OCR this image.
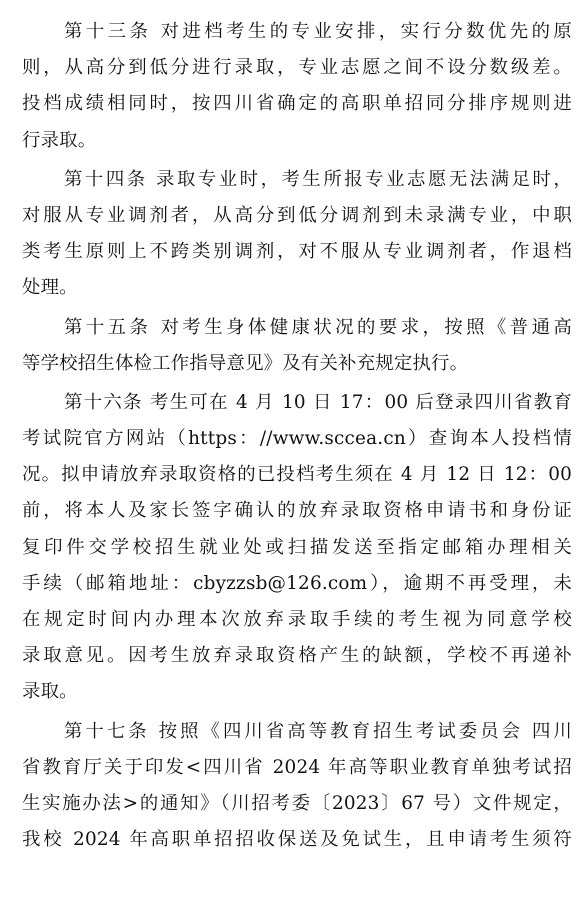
第十三条 对进档考生的专业安排，实行分数优先的原
则，从高分到低分进行录取，专业志愿之间不设分数级差。
投档成绩相同时，按四川省确定的高职单招同分排序规则进
行录取。
第十四条 录取专业时，考生所报专业志愿无法满足时，
对服从专业调剂者，从高分到低分调剂到未录满专业，中职
类考生原则上不跨类别调剂，对不服从专业调剂者，作退档
处理。
第十五条 对考生身体健康状况的要求，按照《普通高
等学校招生体检工作指导意见》及有关补充规定执行。
第十六条 考生可在 4 月 10 日 17：00 后登录四川省教育
考试院官方网站（https：//www.sccea.cn）查询本人投档情
况。拟申请放弃录取资格的已投档考生须在 4 月 12 日 12：00
前，将本人及家长签字确认的放弃录取资格申请书和身份证
复印件交学校招生就业处或扫描发送至指定邮箱办理相关
手续（邮箱地址：cbyzzsb@126.com），逾期不再受理，未
在规定时间内办理本次放弃录取手续的考生视为同意学校
录取意见。因考生放弃录取资格产生的缺额，学校不再递补
录取。
第十七条 按照《四川省高等教育招生考试委员会 四川
省教育厅关于印发<四川省 2024 年高等职业教育单独考试招
生实施办法>的通知》（川招考委〔2023〕67 号）文件规定，
我校 2024 年高职单招招收保送及免试生，且申请考生须符
